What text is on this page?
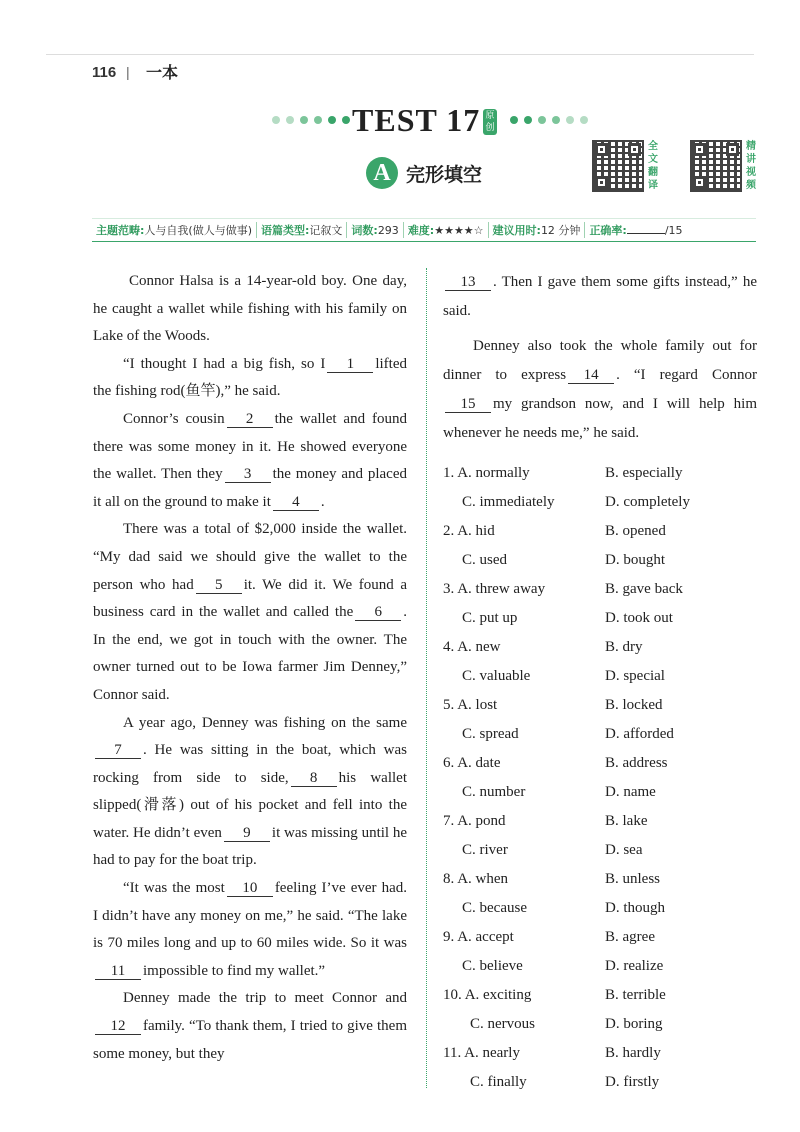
116 | 一本
TEST 17 原创
A 完形填空
全文翻译
精讲视频
主题范畴:人与自我(做人与做事) 语篇类型:记叙文 词数:293 难度:★★★★☆ 建议用时:12 分钟 正确率:	/15

Connor Halsa is a 14-year-old boy. One day, he caught a wallet while fishing with his family on Lake of the Woods.

“I thought I had a big fish, so I 1 lifted the fishing rod(鱼竿),” he said.

Connor’s cousin 2 the wallet and found there was some money in it. He showed everyone the wallet. Then they 3 the money and placed it all on the ground to make it 4 .

There was a total of $2,000 inside the wallet. “My dad said we should give the wallet to the person who had 5 it. We did it. We found a business card in the wallet and called the 6 . In the end, we got in touch with the owner. The owner turned out to be Iowa farmer Jim Denney,” Connor said.

A year ago, Denney was fishing on the same7 . He was sitting in the boat, which was rocking from side to side, 8 his wallet slipped(滑落) out of his pocket and fell into the water. He didn’t even 9 it was missing until he had to pay for the boat trip.

“It was the most 10 feeling I’ve ever had. I didn’t have any money on me,” he said. “The lake is 70 miles long and up to 60 miles wide. So it was11 impossible to find my wallet.”

Denney made the trip to meet Connor and 12 family. “To thank them, I tried to give them some money, but they

13 . Then I gave them some gifts instead,” he said.

Denney also took the whole family out for dinner to express 14 . “I regard Connor 15 my grandson now, and I will help him whenever he needs me,” he said.

1. A. normally	B. especially
C. immediately	D. completely
2. A. hid	B. opened
C. used	D. bought
3. A. threw away	B. gave back
C. put up	D. took out
4. A. new	B. dry
C. valuable	D. special
5. A. lost	B. locked
C. spread	D. afforded
6. A. date	B. address
C. number	D. name
7. A. pond	B. lake
C. river	D. sea
8. A. when	B. unless
C. because	D. though
9. A. accept	B. agree
C. believe	D. realize
10. A. exciting	B. terrible
C. nervous	D. boring
11. A. nearly	B. hardly
C. finally	D. firstly
